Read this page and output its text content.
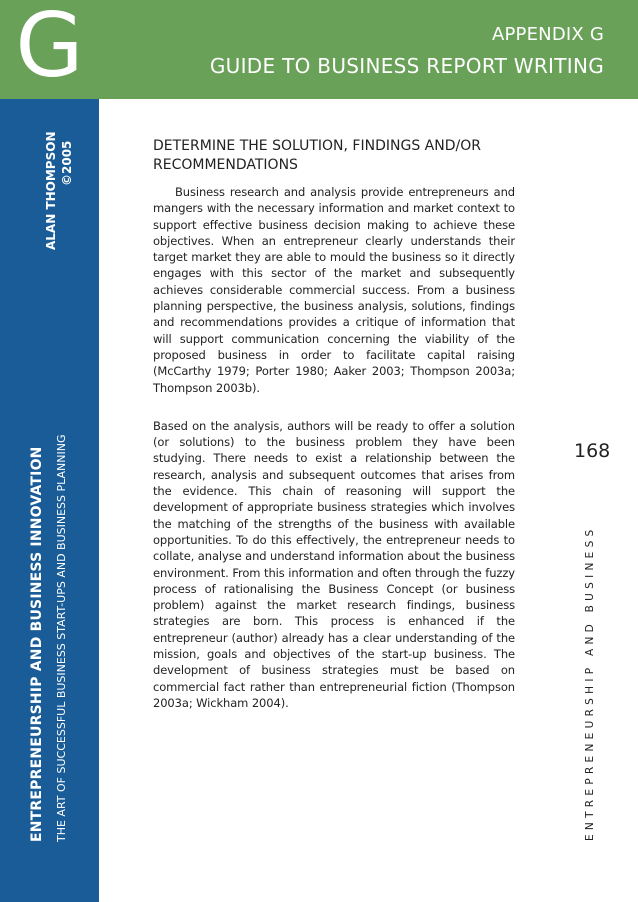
G	APPENDIX G
GUIDE TO BUSINESS REPORT WRITING
ALAN THOMPSON ©2005
ENTREPRENEURSHIP AND BUSINESS INNOVATION THE ART OF SUCCESSFUL BUSINESS START-UPS AND BUSINESS PLANNING
DETERMINE THE SOLUTION, FINDINGS AND/OR RECOMMENDATIONS

Business research and analysis provide entrepreneurs and mangers with the necessary information and market context to support effective business decision making to achieve these objectives. When an entrepreneur clearly understands their target market they are able to mould the business so it directly engages with this sector of the market and subsequently achieves considerable commercial success. From a business planning perspective, the business analysis, solutions, findings and recommendations provides a critique of information that will support communication concerning the viability of the proposed business in order to facilitate capital raising (McCarthy 1979; Porter 1980; Aaker 2003; Thompson 2003a; Thompson 2003b).

Based on the analysis, authors will be ready to offer a solution (or solutions) to the business problem they have been studying. There needs to exist a relationship between the research, analysis and subsequent outcomes that arises from the evidence. This chain of reasoning will support the development of appropriate business strategies which involves the matching of the strengths of the business with available opportunities. To do this effectively, the entrepreneur needs to collate, analyse and understand information about the business environment. From this information and often through the fuzzy process of rationalising the Business Concept (or business problem) against the market research findings, business strategies are born. This process is enhanced if the entrepreneur (author) already has a clear understanding of the mission, goals and objectives of the start-up business. The development of business strategies must be based on commercial fact rather than entrepreneurial fiction (Thompson 2003a; Wickham 2004).

168
ENTREPRENEURSHIP AND BUSINESS
